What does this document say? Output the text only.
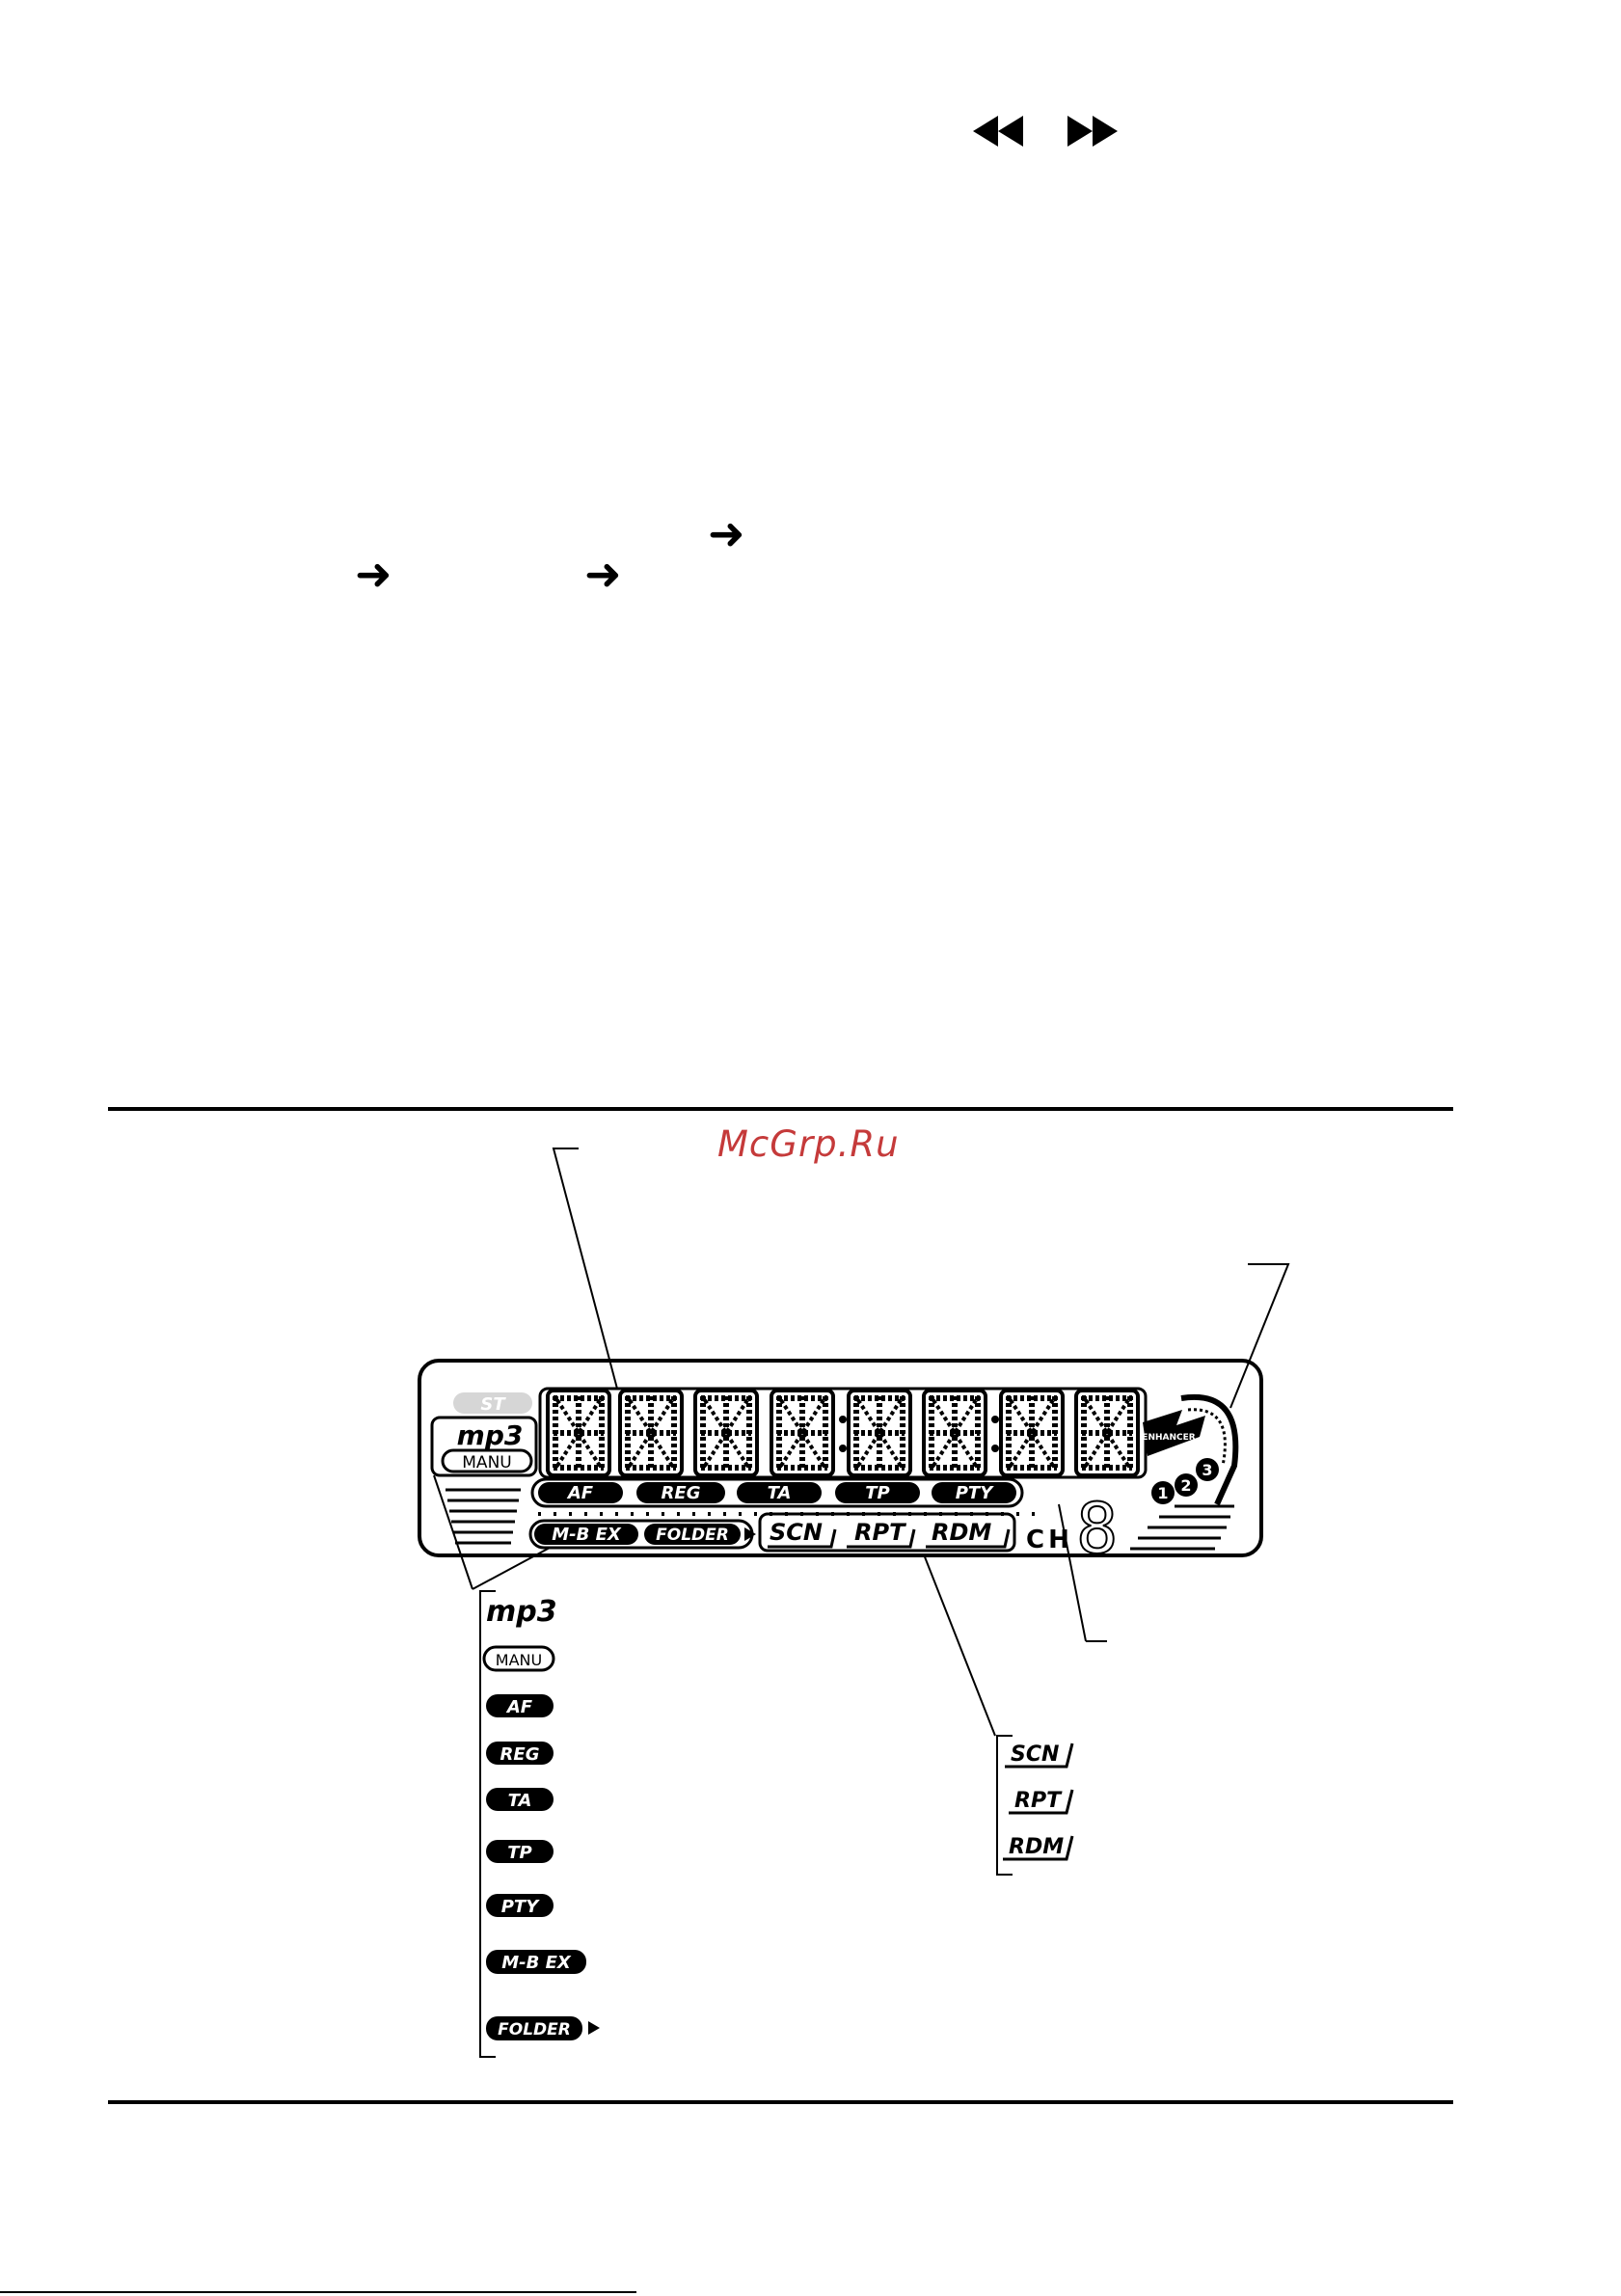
➜
➜	➜
McGrp.Ru
ST
mp3
MANU
ENHANCER
1 2
3
AF	REG	TA	TP	PTY
M-B EX FOLDER SCN RPT RDM CH 8
mp3
MANU
AF
REG
TA
TP
PTY
M-B EX
FOLDER
SCN
RPT
RDM
